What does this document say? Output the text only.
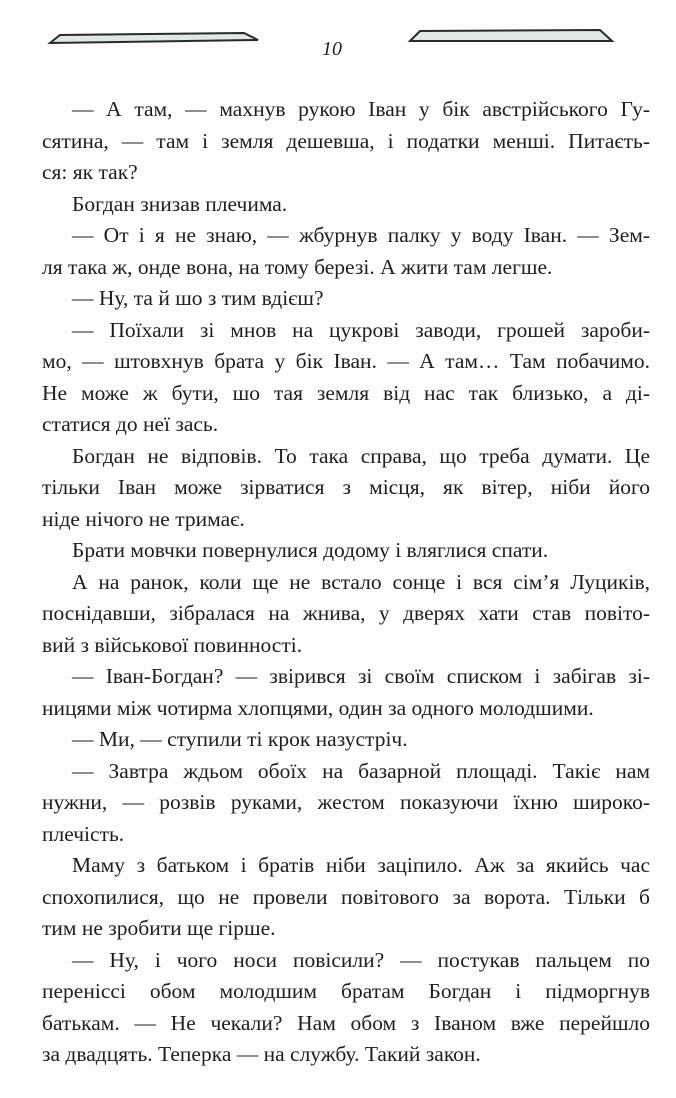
10
— А там, — махнув рукою Іван у бік австрійського Гу-
сятина, — там і земля дешевша, і податки менші. Питаєть-
ся: як так?
Богдан знизав плечима.
— От і я не знаю, — жбурнув палку у воду Іван. — Зем-
ля така ж, онде вона, на тому березі. А жити там легше.
— Ну, та й шо з тим вдієш?
— Поїхали зі мнов на цукрові заводи, грошей зароби-
мо, — штовхнув брата у бік Іван. — А там… Там побачимо.
Не може ж бути, шо тая земля від нас так близько, а ді-
статися до неї зась.
Богдан не відповів. То така справа, що треба думати. Це
тільки Іван може зірватися з місця, як вітер, ніби його
ніде нічого не тримає.
Брати мовчки повернулися додому і вляглися спати.
А на ранок, коли ще не встало сонце і вся сім’я Луциків,
поснідавши, зібралася на жнива, у дверях хати став повіто-
вий з військової повинності.
— Іван-Богдан? — звірився зі своїм списком і забігав зі-
ницями між чотирма хлопцями, один за одного молодшими.
— Ми, — ступили ті крок назустріч.
— Завтра ждьом обоїх на базарной площаді. Такіє нам
нужни, — розвів руками, жестом показуючи їхню широко-
плечість.
Маму з батьком і братів ніби заціпило. Аж за якийсь час
спохопилися, що не провели повітового за ворота. Тільки б
тим не зробити ще гірше.
— Ну, і чого носи повісили? — постукав пальцем по
переніссі обом молодшим братам Богдан і підморгнув
батькам. — Не чекали? Нам обом з Іваном вже перейшло
за двадцять. Теперка — на службу. Такий закон.
